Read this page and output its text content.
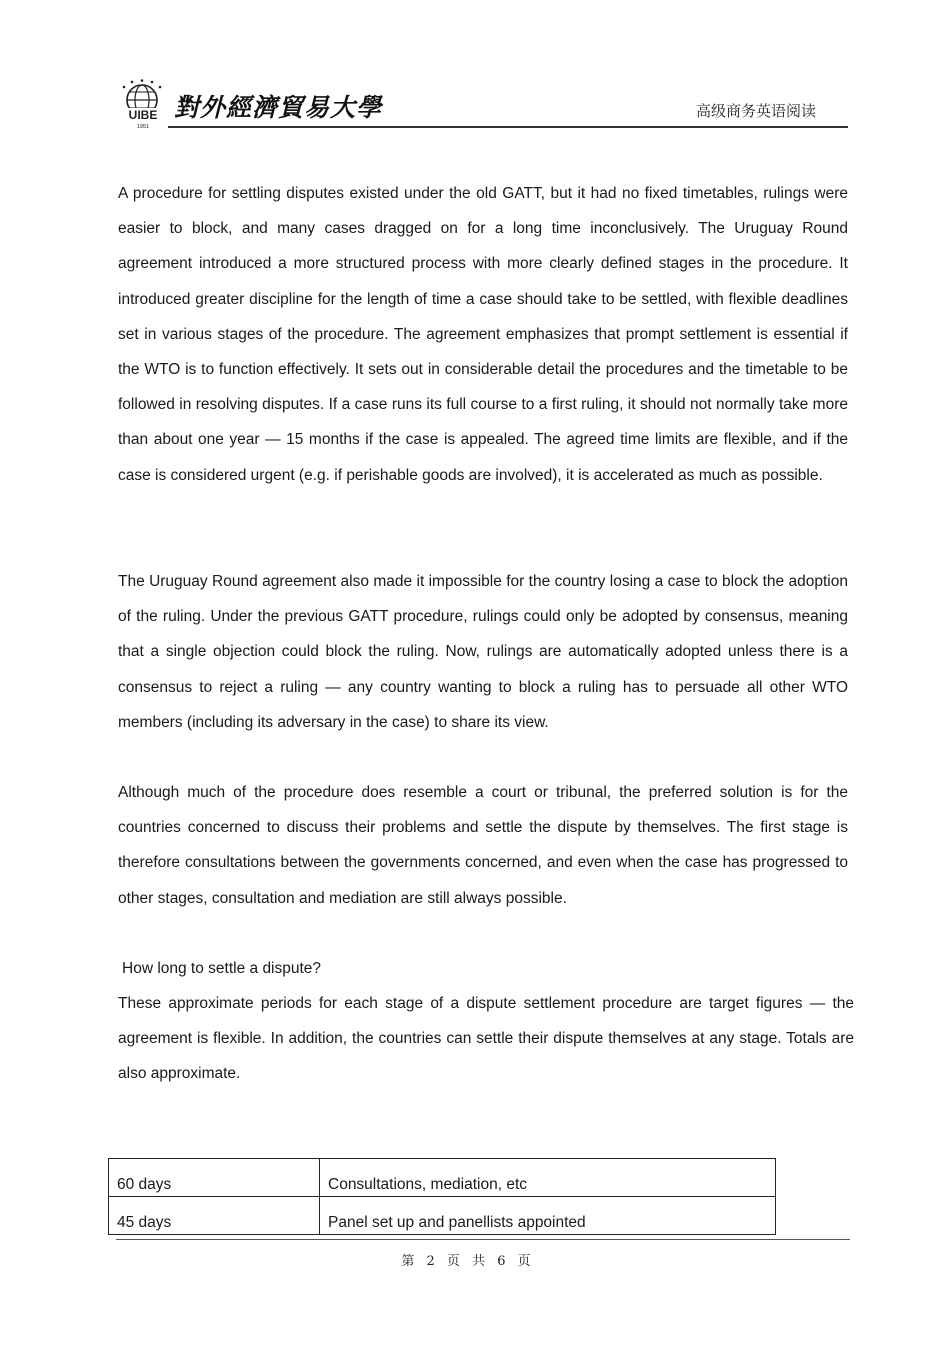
UIBE
1951
對外經濟貿易大學	高级商务英语阅读

A procedure for settling disputes existed under the old GATT, but it had no fixed timetables, rulings were easier to block, and many cases dragged on for a long time inconclusively. The Uruguay Round agreement introduced a more structured process with more clearly defined stages in the procedure. It introduced greater discipline for the length of time a case should take to be settled, with flexible deadlines set in various stages of the procedure. The agreement emphasizes that prompt settlement is essential if the WTO is to function effectively. It sets out in considerable detail the procedures and the timetable to be followed in resolving disputes. If a case runs its full course to a first ruling, it should not normally take more than about one year — 15 months if the case is appealed. The agreed time limits are flexible, and if the case is considered urgent (e.g. if perishable goods are involved), it is accelerated as much as possible.

The Uruguay Round agreement also made it impossible for the country losing a case to block the adoption of the ruling. Under the previous GATT procedure, rulings could only be adopted by consensus, meaning that a single objection could block the ruling. Now, rulings are automatically adopted unless there is a consensus to reject a ruling — any country wanting to block a ruling has to persuade all other WTO members (including its adversary in the case) to share its view.

Although much of the procedure does resemble a court or tribunal, the preferred solution is for the countries concerned to discuss their problems and settle the dispute by themselves. The first stage is therefore consultations between the governments concerned, and even when the case has progressed to other stages, consultation and mediation are still always possible.

How long to settle a dispute?

These approximate periods for each stage of a dispute settlement procedure are target figures — the agreement is flexible. In addition, the countries can settle their dispute themselves at any stage. Totals are also approximate.

60 days	Consultations, mediation, etc
45 days	Panel set up and panellists appointed
第 2 页 共 6 页
